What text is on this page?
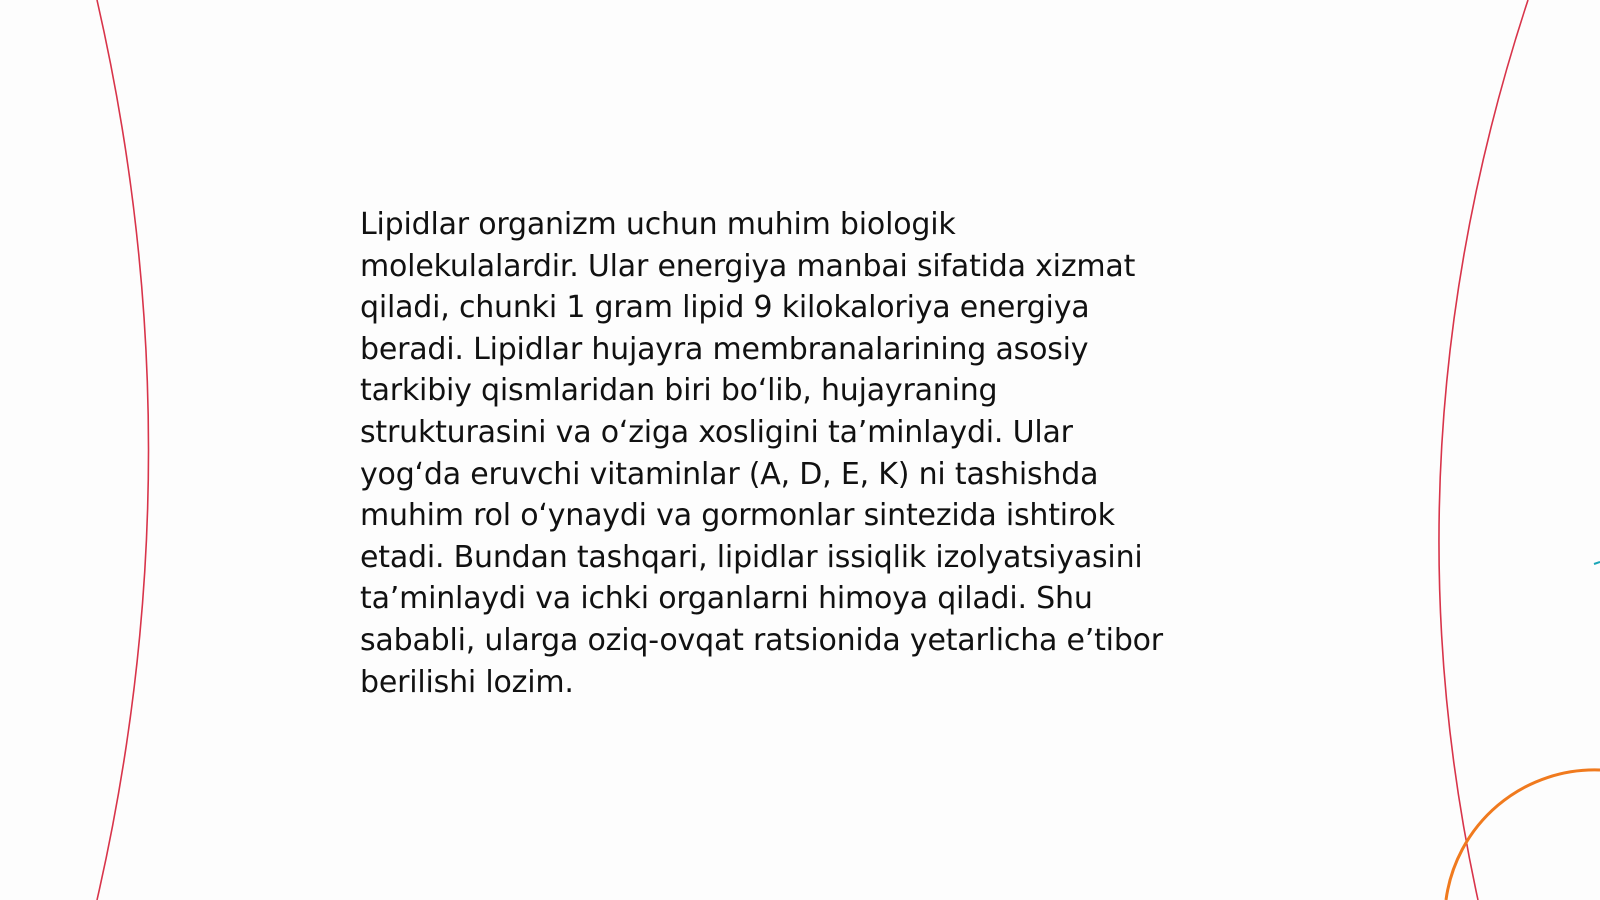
Lipidlar organizm uchun muhim biologik
molekulalardir. Ular energiya manbai sifatida xizmat
qiladi, chunki 1 gram lipid 9 kilokaloriya energiya
beradi. Lipidlar hujayra membranalarining asosiy
tarkibiy qismlaridan biri bo‘lib, hujayraning
strukturasini va o‘ziga xosligini ta’minlaydi. Ular
yog‘da eruvchi vitaminlar (A, D, E, K) ni tashishda
muhim rol o‘ynaydi va gormonlar sintezida ishtirok
etadi. Bundan tashqari, lipidlar issiqlik izolyatsiyasini
ta’minlaydi va ichki organlarni himoya qiladi. Shu
sababli, ularga oziq-ovqat ratsionida yetarlicha e’tibor
berilishi lozim.
